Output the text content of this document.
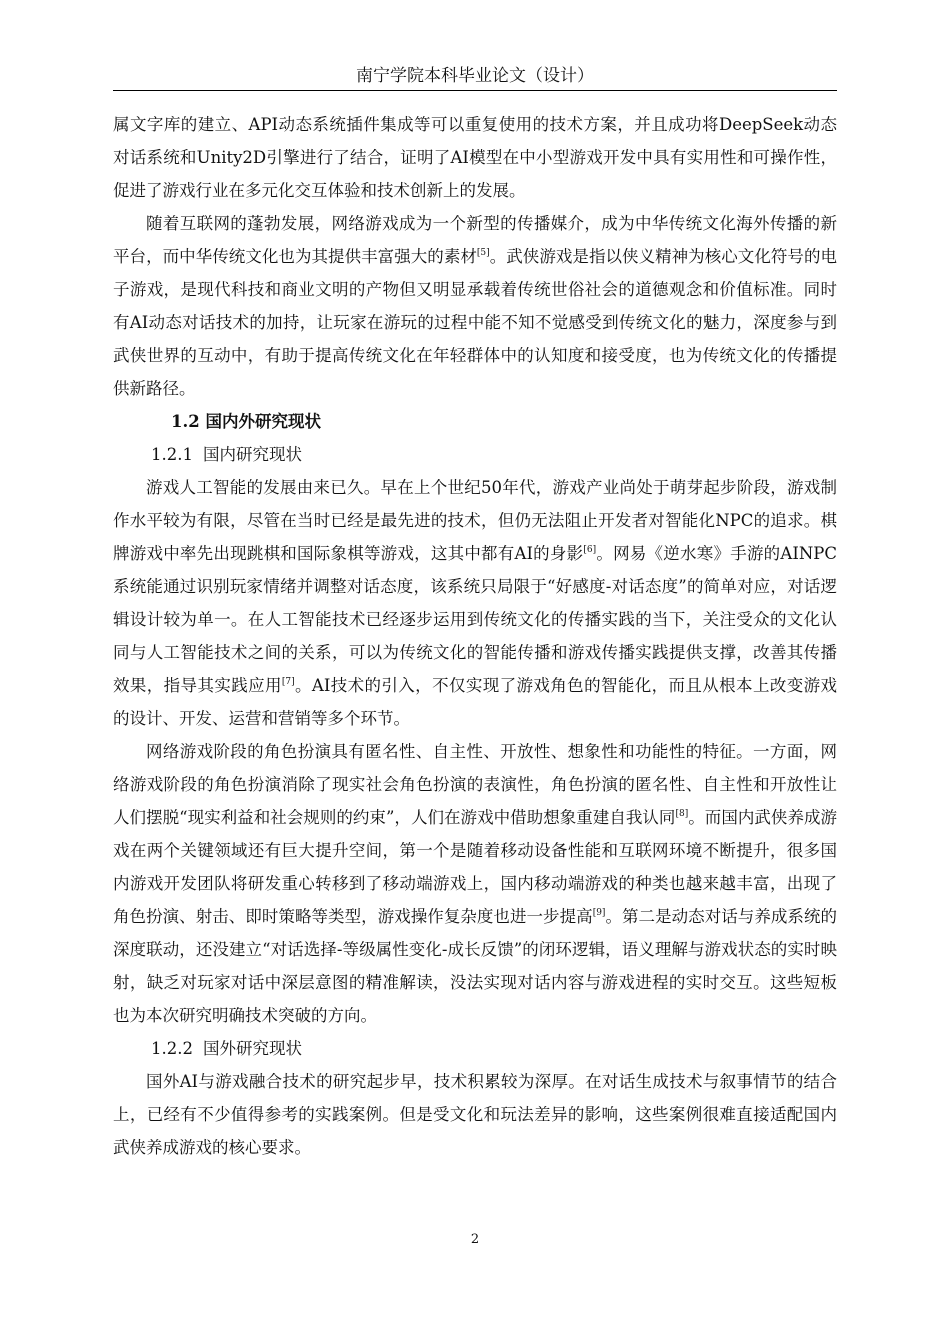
南宁学院本科毕业论文（设计）

属文字库的建立、API动态系统插件集成等可以重复使用的技术方案，并且成功将DeepSeek动态对话系统和Unity2D引擎进行了结合，证明了AI模型在中小型游戏开发中具有实用性和可操作性，促进了游戏行业在多元化交互体验和技术创新上的发展。

随着互联网的蓬勃发展，网络游戏成为一个新型的传播媒介，成为中华传统文化海外传播的新平台，而中华传统文化也为其提供丰富强大的素材[5]。武侠游戏是指以侠义精神为核心文化符号的电子游戏，是现代科技和商业文明的产物但又明显承载着传统世俗社会的道德观念和价值标准。同时有AI动态对话技术的加持，让玩家在游玩的过程中能不知不觉感受到传统文化的魅力，深度参与到武侠世界的互动中，有助于提高传统文化在年轻群体中的认知度和接受度，也为传统文化的传播提供新路径。

1.2 国内外研究现状

1.2.1 国内研究现状

游戏人工智能的发展由来已久。早在上个世纪50年代，游戏产业尚处于萌芽起步阶段，游戏制作水平较为有限，尽管在当时已经是最先进的技术，但仍无法阻止开发者对智能化NPC的追求。棋牌游戏中率先出现跳棋和国际象棋等游戏，这其中都有AI的身影[6]。网易《逆水寒》手游的AINPC系统能通过识别玩家情绪并调整对话态度，该系统只局限于“好感度-对话态度”的简单对应，对话逻辑设计较为单一。在人工智能技术已经逐步运用到传统文化的传播实践的当下，关注受众的文化认同与人工智能技术之间的关系，可以为传统文化的智能传播和游戏传播实践提供支撑，改善其传播效果，指导其实践应用[7]。AI技术的引入，不仅实现了游戏角色的智能化，而且从根本上改变游戏的设计、开发、运营和营销等多个环节。

网络游戏阶段的角色扮演具有匿名性、自主性、开放性、想象性和功能性的特征。一方面，网络游戏阶段的角色扮演消除了现实社会角色扮演的表演性，角色扮演的匿名性、自主性和开放性让人们摆脱“现实利益和社会规则的约束”，人们在游戏中借助想象重建自我认同[8]。而国内武侠养成游戏在两个关键领域还有巨大提升空间，第一个是随着移动设备性能和互联网环境不断提升，很多国内游戏开发团队将研发重心转移到了移动端游戏上，国内移动端游戏的种类也越来越丰富，出现了角色扮演、射击、即时策略等类型，游戏操作复杂度也进一步提高[9]。第二是动态对话与养成系统的深度联动，还没建立“对话选择-等级属性变化-成长反馈”的闭环逻辑，语义理解与游戏状态的实时映射，缺乏对玩家对话中深层意图的精准解读，没法实现对话内容与游戏进程的实时交互。这些短板也为本次研究明确技术突破的方向。

1.2.2 国外研究现状

国外AI与游戏融合技术的研究起步早，技术积累较为深厚。在对话生成技术与叙事情节的结合上，已经有不少值得参考的实践案例。但是受文化和玩法差异的影响，这些案例很难直接适配国内武侠养成游戏的核心要求。

2
